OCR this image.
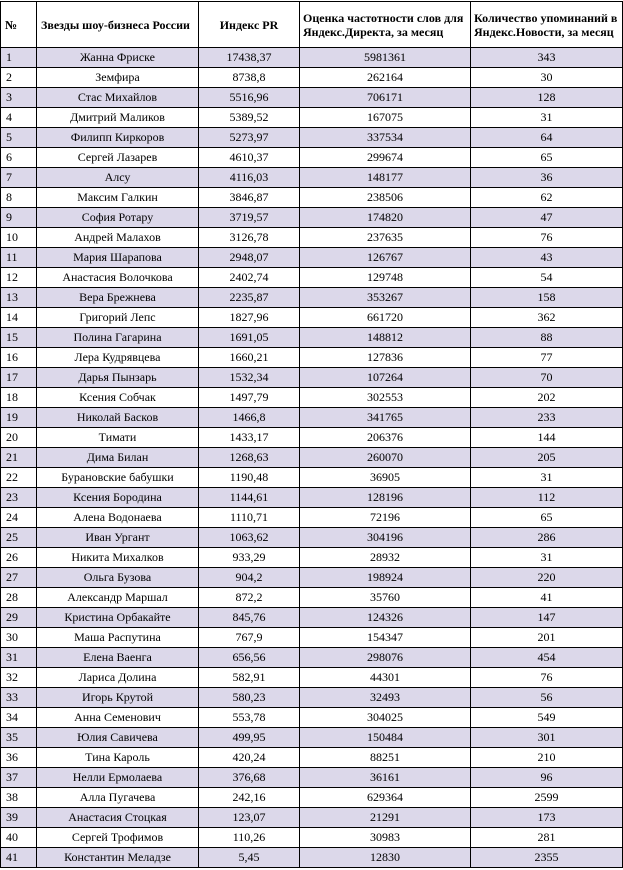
№	Звезды шоу-бизнеса России	Индекс PR	Оценка частотности слов для Яндекс.Директа, за месяц	Количество упоминаний в Яндекс.Новости, за месяц
1	Жанна Фриске	17438,37	5981361	343
2	Земфира	8738,8	262164	30
3	Стас Михайлов	5516,96	706171	128
4	Дмитрий Маликов	5389,52	167075	31
5	Филипп Киркоров	5273,97	337534	64
6	Сергей Лазарев	4610,37	299674	65
7	Алсу	4116,03	148177	36
8	Максим Галкин	3846,87	238506	62
9	София Ротару	3719,57	174820	47
10	Андрей Малахов	3126,78	237635	76
11	Мария Шарапова	2948,07	126767	43
12	Анастасия Волочкова	2402,74	129748	54
13	Вера Брежнева	2235,87	353267	158
14	Григорий Лепс	1827,96	661720	362
15	Полина Гагарина	1691,05	148812	88
16	Лера Кудрявцева	1660,21	127836	77
17	Дарья Пынзарь	1532,34	107264	70
18	Ксения Собчак	1497,79	302553	202
19	Николай Басков	1466,8	341765	233
20	Тимати	1433,17	206376	144
21	Дима Билан	1268,63	260070	205
22	Бурановские бабушки	1190,48	36905	31
23	Ксения Бородина	1144,61	128196	112
24	Алена Водонаева	1110,71	72196	65
25	Иван Ургант	1063,62	304196	286
26	Никита Михалков	933,29	28932	31
27	Ольга Бузова	904,2	198924	220
28	Александр Маршал	872,2	35760	41
29	Кристина Орбакайте	845,76	124326	147
30	Маша Распутина	767,9	154347	201
31	Елена Ваенга	656,56	298076	454
32	Лариса Долина	582,91	44301	76
33	Игорь Крутой	580,23	32493	56
34	Анна Семенович	553,78	304025	549
35	Юлия Савичева	499,95	150484	301
36	Тина Кароль	420,24	88251	210
37	Нелли Ермолаева	376,68	36161	96
38	Алла Пугачева	242,16	629364	2599
39	Анастасия Стоцкая	123,07	21291	173
40	Сергей Трофимов	110,26	30983	281
41	Константин Меладзе	5,45	12830	2355
